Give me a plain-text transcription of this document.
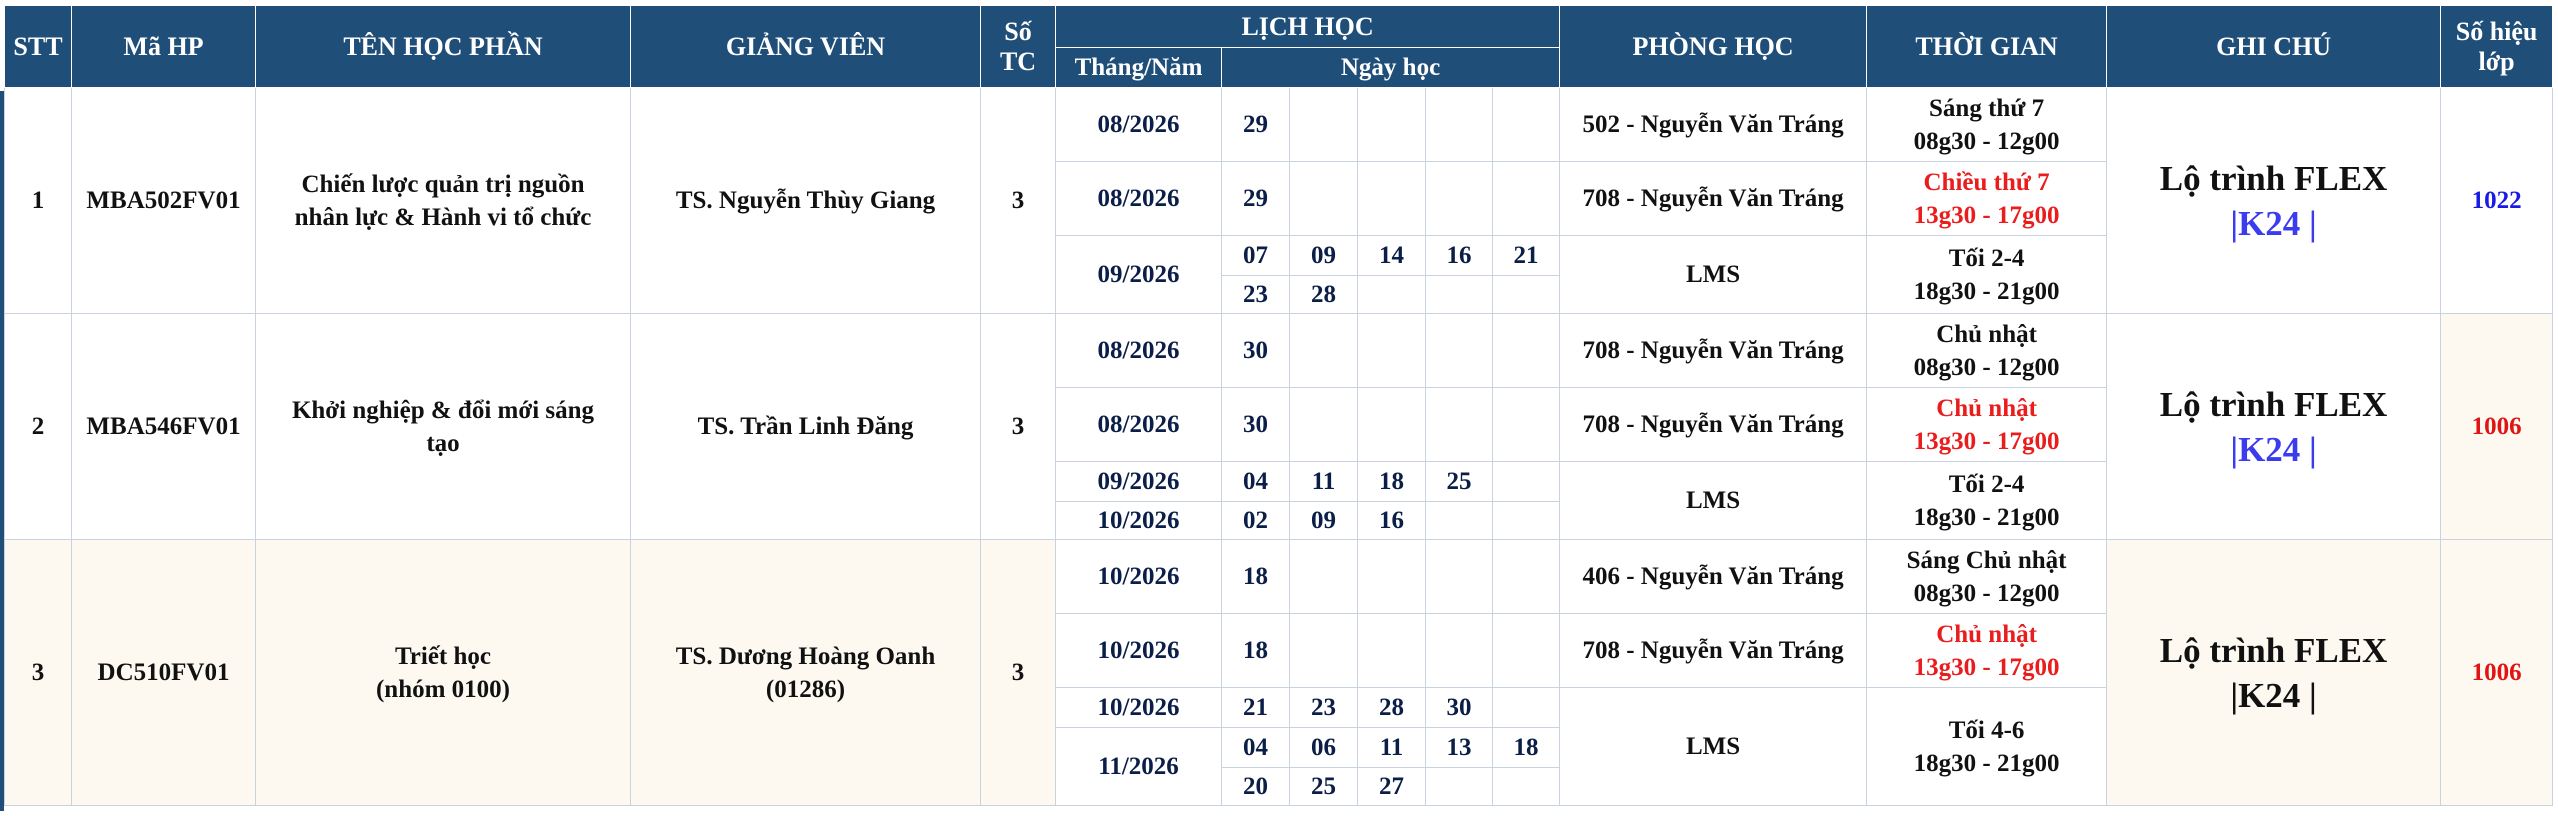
STT	Mã HP	TÊN HỌC PHẦN	GIẢNG VIÊN	Số
TC	LỊCH HỌC						PHÒNG HỌC	THỜI GIAN	GHI CHÚ	Số hiệu
lớp
					Tháng/Năm	Ngày học								
1	MBA502FV01	Chiến lược quản trị nguồn
nhân lực & Hành vi tổ chức	TS. Nguyễn Thùy Giang	3	08/2026	29					502 - Nguyễn Văn Tráng	Sáng thứ 7
08g30 - 12g00	Lộ trình FLEX
|K24 |	1022
					08/2026	29					708 - Nguyễn Văn Tráng	Chiều thứ 7
13g30 - 17g00		
					09/2026	07	09	14	16	21	LMS	Tối 2-4
18g30 - 21g00		
						23	28							
2	MBA546FV01	Khởi nghiệp & đổi mới sáng
tạo	TS. Trần Linh Đăng	3	08/2026	30					708 - Nguyễn Văn Tráng	Chủ nhật
08g30 - 12g00	Lộ trình FLEX
|K24 |	1006
					08/2026	30					708 - Nguyễn Văn Tráng	Chủ nhật
13g30 - 17g00		
					09/2026	04	11	18	25		LMS	Tối 2-4
18g30 - 21g00		
					10/2026	02	09	16						
3	DC510FV01	Triết học
(nhóm 0100)	TS. Dương Hoàng Oanh
(01286)	3	10/2026	18					406 - Nguyễn Văn Tráng	Sáng Chủ nhật
08g30 - 12g00	Lộ trình FLEX
|K24 |	1006
					10/2026	18					708 - Nguyễn Văn Tráng	Chủ nhật
13g30 - 17g00		
					10/2026	21	23	28	30		LMS	Tối 4-6
18g30 - 21g00		
					11/2026	04	06	11	13	18				
						20	25	27						
